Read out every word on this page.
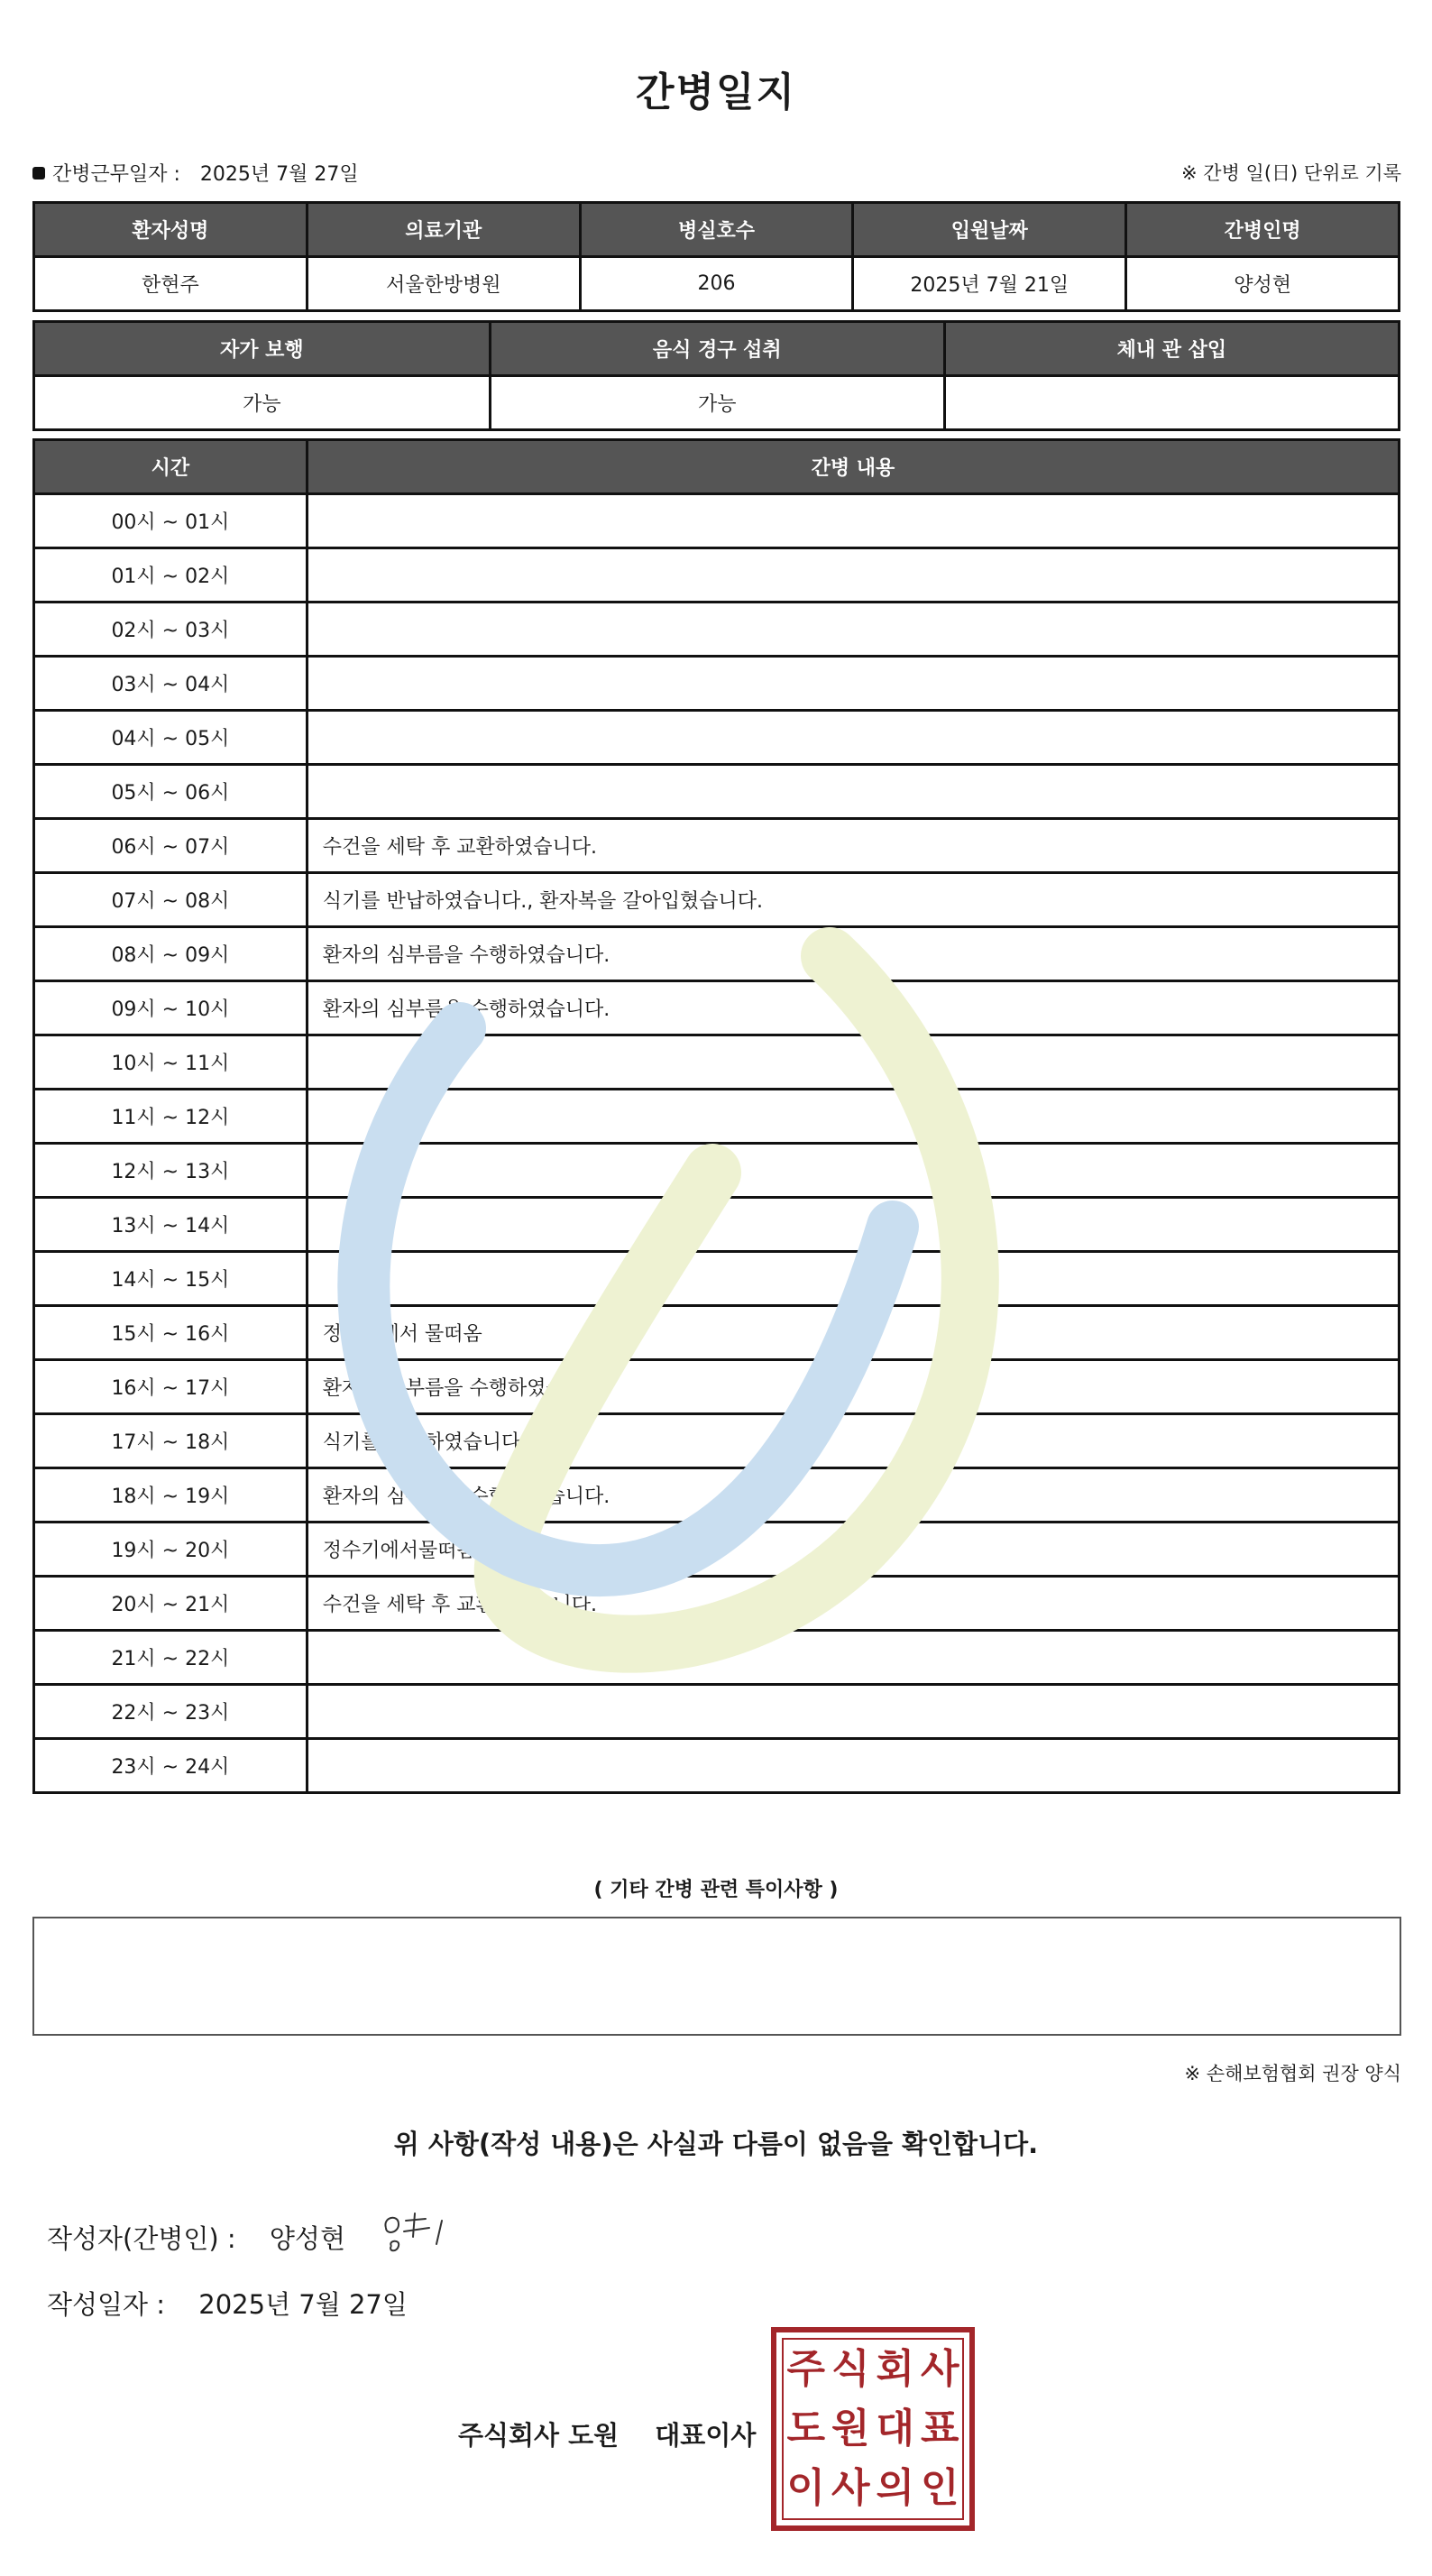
간병일지
간병근무일자 : 2025년 7월 27일	※ 간병 일(日) 단위로 기록
환자성명	의료기관	병실호수	입원날짜	간병인명
한현주	서울한방병원	206	2025년 7월 21일	양성현
자가 보행	음식 경구 섭취	체내 관 삽입
가능	가능	
시간	간병 내용
00시 ~ 01시	
01시 ~ 02시	
02시 ~ 03시	
03시 ~ 04시	
04시 ~ 05시	
05시 ~ 06시	
06시 ~ 07시	수건을 세탁 후 교환하였습니다.
07시 ~ 08시	식기를 반납하였습니다., 환자복을 갈아입혔습니다.
08시 ~ 09시	환자의 심부름을 수행하였습니다.
09시 ~ 10시	환자의 심부름을 수행하였습니다.
10시 ~ 11시	
11시 ~ 12시	
12시 ~ 13시	
13시 ~ 14시	
14시 ~ 15시	
15시 ~ 16시	정수기에서 물떠옴
16시 ~ 17시	환자의 심부름을 수행하였습니다.
17시 ~ 18시	식기를 반납하였습니다.
18시 ~ 19시	환자의 심부름을 수행하였습니다.
19시 ~ 20시	정수기에서물떠옴
20시 ~ 21시	수건을 세탁 후 교환하였습니다.
21시 ~ 22시	
22시 ~ 23시	
23시 ~ 24시	
( 기타 간병 관련 특이사항 )
※ 손해보험협회 권장 양식
위 사항(작성 내용)은 사실과 다름이 없음을 확인합니다.
작성자(간병인) : 양성현
작성일자 : 2025년 7월 27일
주식회사 도원 대표이사
주 식 회 사
도 원 대 표
이 사 의 인
